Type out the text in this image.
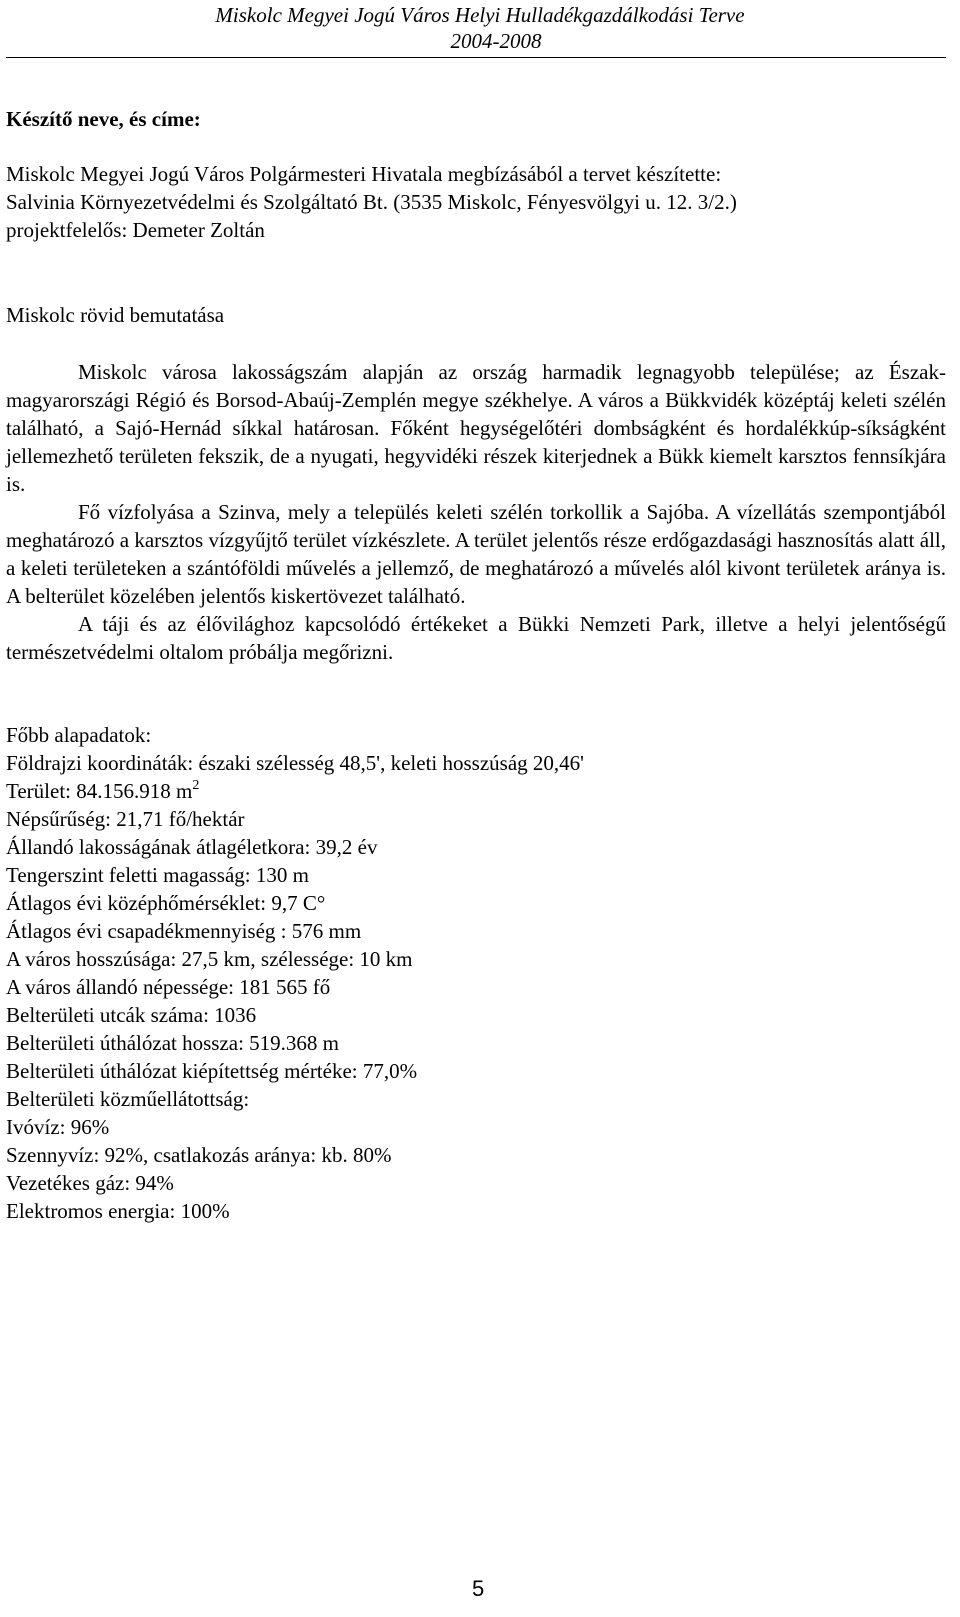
Miskolc Megyei Jogú Város Helyi Hulladékgazdálkodási Terve
2004-2008
Készítő neve, és címe:
Miskolc Megyei Jogú Város Polgármesteri Hivatala megbízásából a tervet készítette:
Salvinia Környezetvédelmi és Szolgáltató Bt. (3535 Miskolc, Fényesvölgyi u. 12. 3/2.)
projektfelelős: Demeter Zoltán
Miskolc rövid bemutatása

Miskolc városa lakosságszám alapján az ország harmadik legnagyobb települése; az Észak-magyarországi Régió és Borsod-Abaúj-Zemplén megye székhelye. A város a Bükkvidék középtáj keleti szélén található, a Sajó-Hernád síkkal határosan. Főként hegységelőtéri dombságként és hordalékkúp-síkságként jellemezhető területen fekszik, de a nyugati, hegyvidéki részek kiterjednek a Bükk kiemelt karsztos fennsíkjára is.

Fő vízfolyása a Szinva, mely a település keleti szélén torkollik a Sajóba. A vízellátás szempontjából meghatározó a karsztos vízgyűjtő terület vízkészlete. A terület jelentős része erdőgazdasági hasznosítás alatt áll, a keleti területeken a szántóföldi művelés a jellemző, de meghatározó a művelés alól kivont területek aránya is. A belterület közelében jelentős kiskertövezet található.

A táji és az élővilághoz kapcsolódó értékeket a Bükki Nemzeti Park, illetve a helyi jelentőségű természetvédelmi oltalom próbálja megőrizni.

Főbb alapadatok:
Földrajzi koordináták: északi szélesség 48,5', keleti hosszúság 20,46'
Terület: 84.156.918 $m^2$
Népsűrűség: 21,71 fő/hektár
Állandó lakosságának átlagéletkora: 39,2 év
Tengerszint feletti magasság: 130 m
Átlagos évi középhőmérséklet: 9,7 C°
Átlagos évi csapadékmennyiség : 576 mm
A város hosszúsága: 27,5 km, szélessége: 10 km
A város állandó népessége: 181 565 fő
Belterületi utcák száma: 1036
Belterületi úthálózat hossza: 519.368 m
Belterületi úthálózat kiépítettség mértéke: 77,0%
Belterületi közműellátottság:
Ivóvíz: 96%
Szennyvíz: 92%, csatlakozás aránya: kb. 80%
Vezetékes gáz: 94%
Elektromos energia: 100%
5
